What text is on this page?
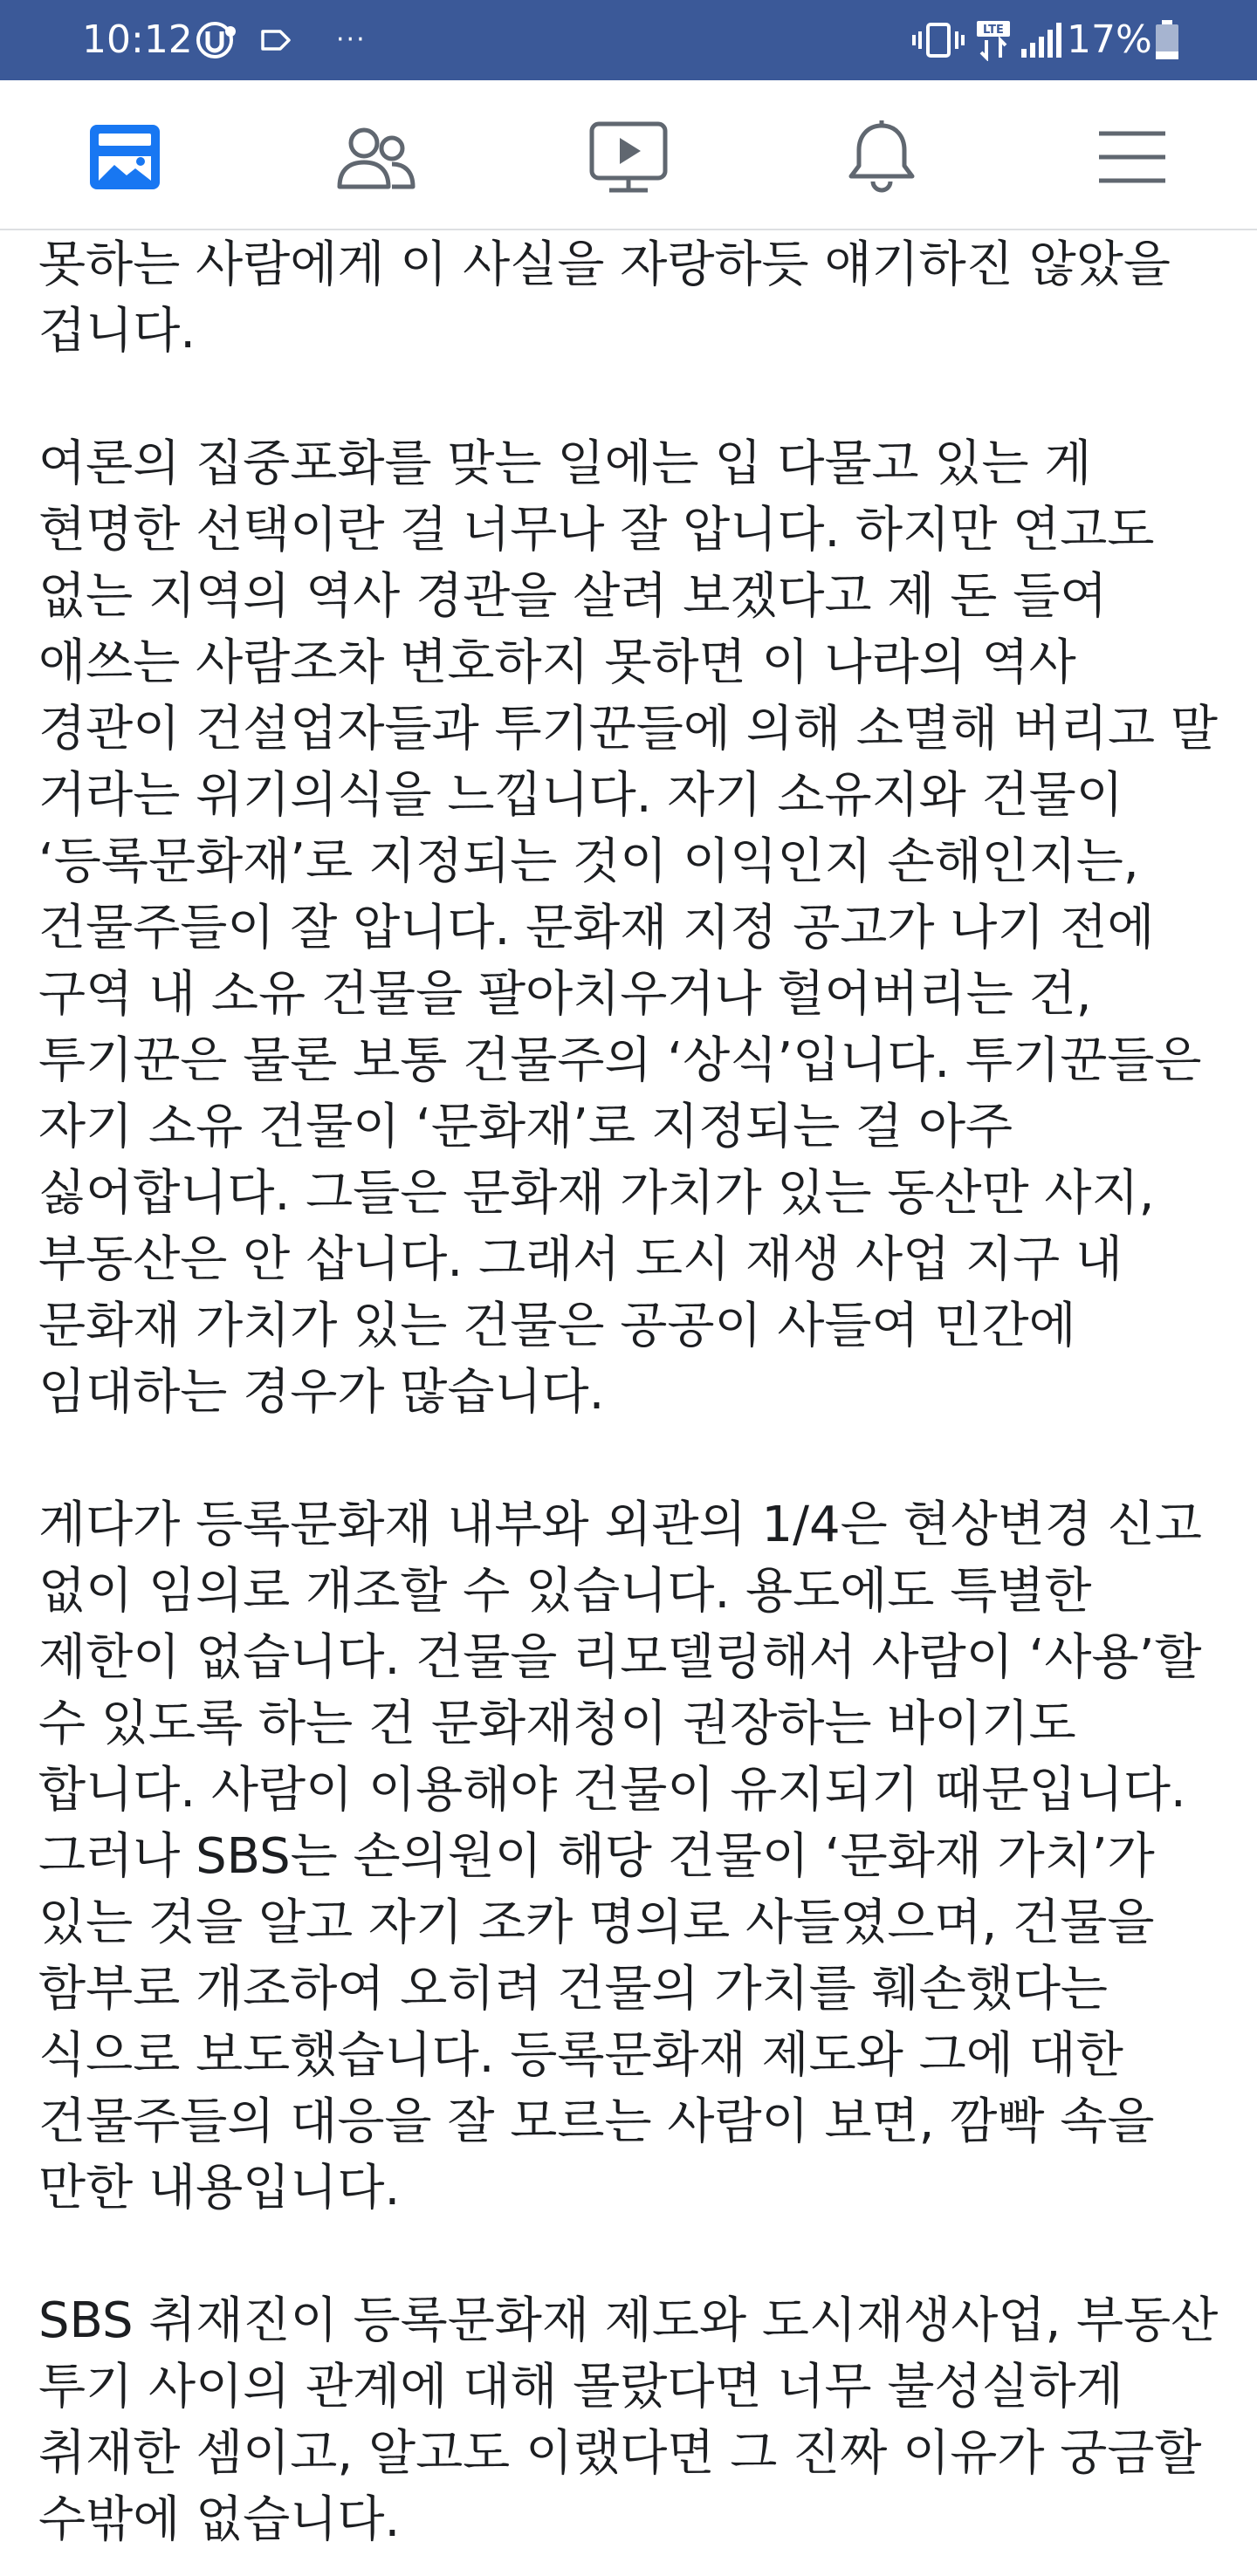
10:12	···	LTE 17%

못하는 사람에게 이 사실을 자랑하듯 얘기하진 않았을

겁니다.

여론의 집중포화를 맞는 일에는 입 다물고 있는 게

현명한 선택이란 걸 너무나 잘 압니다. 하지만 연고도

없는 지역의 역사 경관을 살려 보겠다고 제 돈 들여

애쓰는 사람조차 변호하지 못하면 이 나라의 역사

경관이 건설업자들과 투기꾼들에 의해 소멸해 버리고 말

거라는 위기의식을 느낍니다. 자기 소유지와 건물이

‘등록문화재’로 지정되는 것이 이익인지 손해인지는,

건물주들이 잘 압니다. 문화재 지정 공고가 나기 전에

구역 내 소유 건물을 팔아치우거나 헐어버리는 건,

투기꾼은 물론 보통 건물주의 ‘상식’입니다. 투기꾼들은

자기 소유 건물이 ‘문화재’로 지정되는 걸 아주

싫어합니다. 그들은 문화재 가치가 있는 동산만 사지,

부동산은 안 삽니다. 그래서 도시 재생 사업 지구 내

문화재 가치가 있는 건물은 공공이 사들여 민간에

임대하는 경우가 많습니다.

게다가 등록문화재 내부와 외관의 1/4은 현상변경 신고

없이 임의로 개조할 수 있습니다. 용도에도 특별한

제한이 없습니다. 건물을 리모델링해서 사람이 ‘사용’할

수 있도록 하는 건 문화재청이 권장하는 바이기도

합니다. 사람이 이용해야 건물이 유지되기 때문입니다.

그러나 SBS는 손의원이 해당 건물이 ‘문화재 가치’가

있는 것을 알고 자기 조카 명의로 사들였으며, 건물을

함부로 개조하여 오히려 건물의 가치를 훼손했다는

식으로 보도했습니다. 등록문화재 제도와 그에 대한

건물주들의 대응을 잘 모르는 사람이 보면, 깜빡 속을

만한 내용입니다.

SBS 취재진이 등록문화재 제도와 도시재생사업, 부동산

투기 사이의 관계에 대해 몰랐다면 너무 불성실하게

취재한 셈이고, 알고도 이랬다면 그 진짜 이유가 궁금할

수밖에 없습니다.
